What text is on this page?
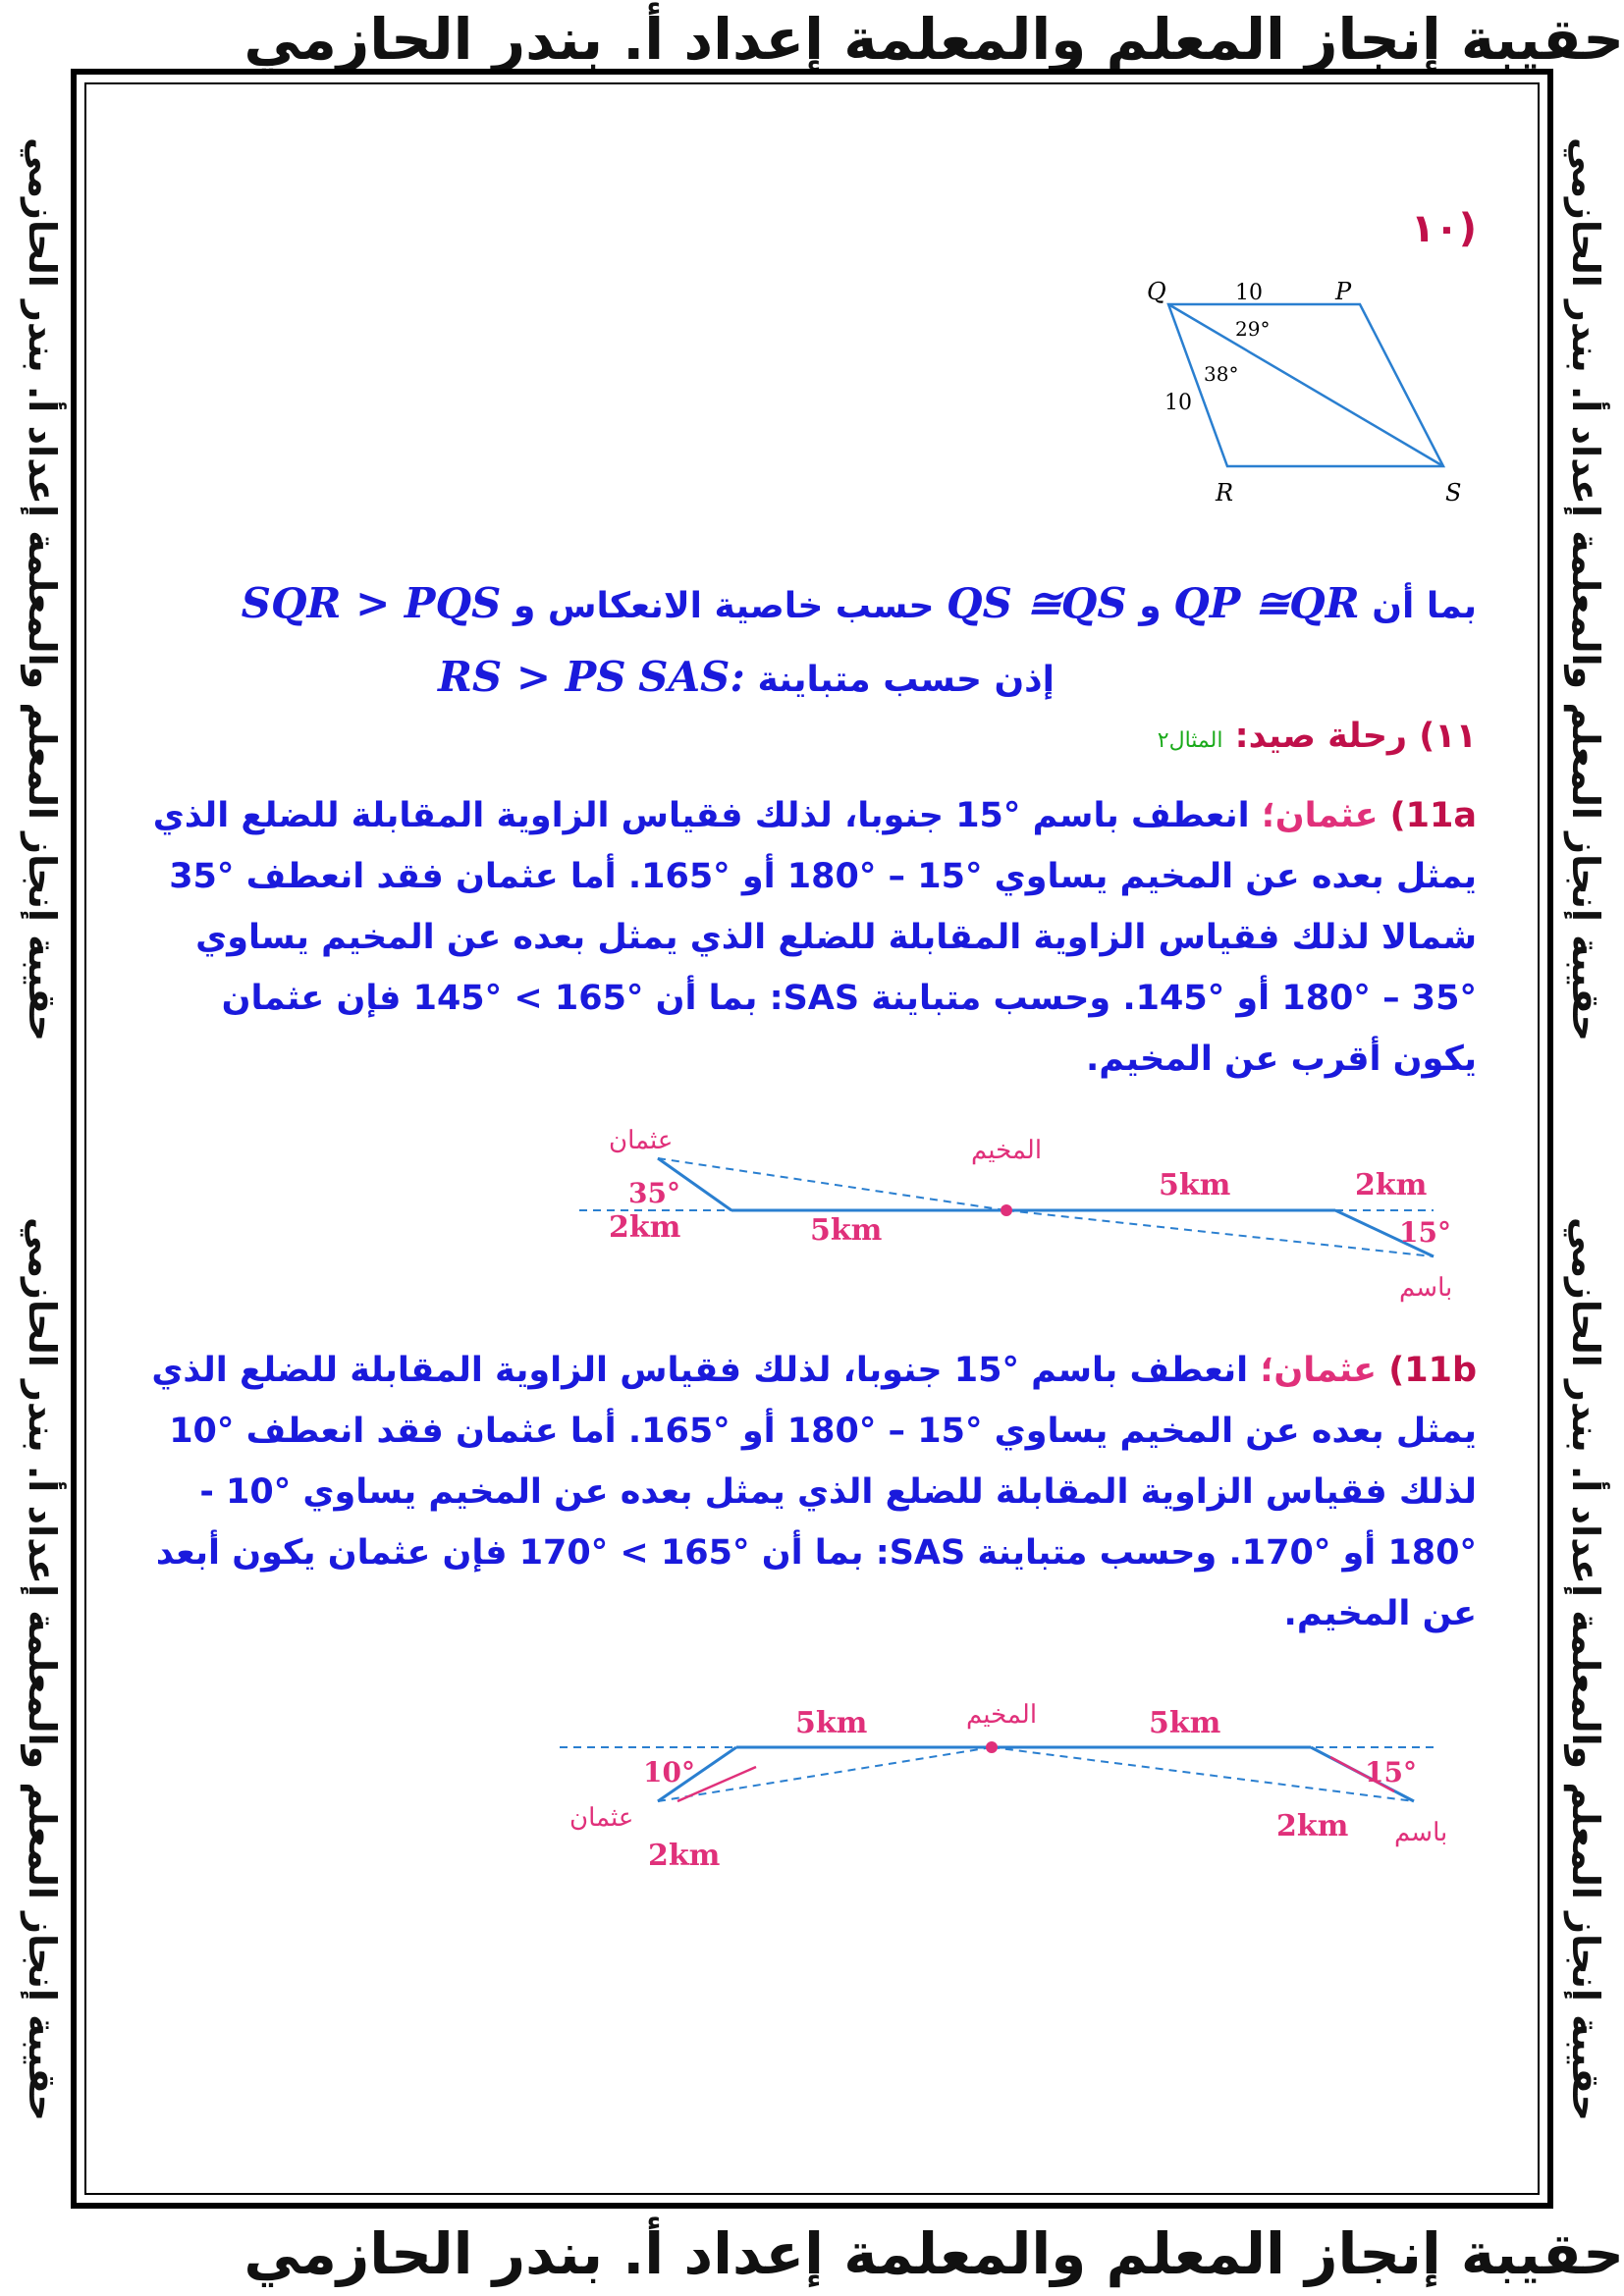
حقيبة إنجاز المعلم والمعلمة إعداد أ. بندر الحازمي
حقيبة إنجاز المعلم والمعلمة إعداد أ. بندر الحازمي
حقيبة إنجاز المعلم والمعلمة إعداد أ. بندر الحازمي
حقيبة إنجاز المعلم والمعلمة إعداد أ. بندر الحازمي
حقيبة إنجاز المعلم والمعلمة إعداد أ. بندر الحازمي
حقيبة إنجاز المعلم والمعلمة إعداد أ. بندر الحازمي
(١٠
Q	P
R	S
10
10
29°
38°
بما أن QP ≅QR و QS ≅QS حسب خاصية الانعكاس و SQR > PQS
إذن حسب متباينة SAS: RS > PS
١١) رحلة صيد: المثال٢
11a) عثمان؛ انعطف باسم °15 جنوبا، لذلك فقياس الزاوية المقابلة للضلع الذي يمثل بعده عن المخيم يساوي °15 – °180 أو °165. أما عثمان فقد انعطف °35 شمالا لذلك فقياس الزاوية المقابلة للضلع الذي يمثل بعده عن المخيم يساوي °35 – °180 أو °145. وحسب متباينة SAS: بما أن °165 > °145 فإن عثمان يكون أقرب عن المخيم.
المخيم
عثمان
باسم
35°
15°
2km	5km
5km	2km
11b) عثمان؛ انعطف باسم °15 جنوبا، لذلك فقياس الزاوية المقابلة للضلع الذي يمثل بعده عن المخيم يساوي °15 – °180 أو °165. أما عثمان فقد انعطف °10 لذلك فقياس الزاوية المقابلة للضلع الذي يمثل بعده عن المخيم يساوي °10 - °180 أو °170. وحسب متباينة SAS: بما أن °165 > °170 فإن عثمان يكون أبعد عن المخيم.
المخيم
عثمان	باسم
10°	15°
5km	5km
2km
2km
